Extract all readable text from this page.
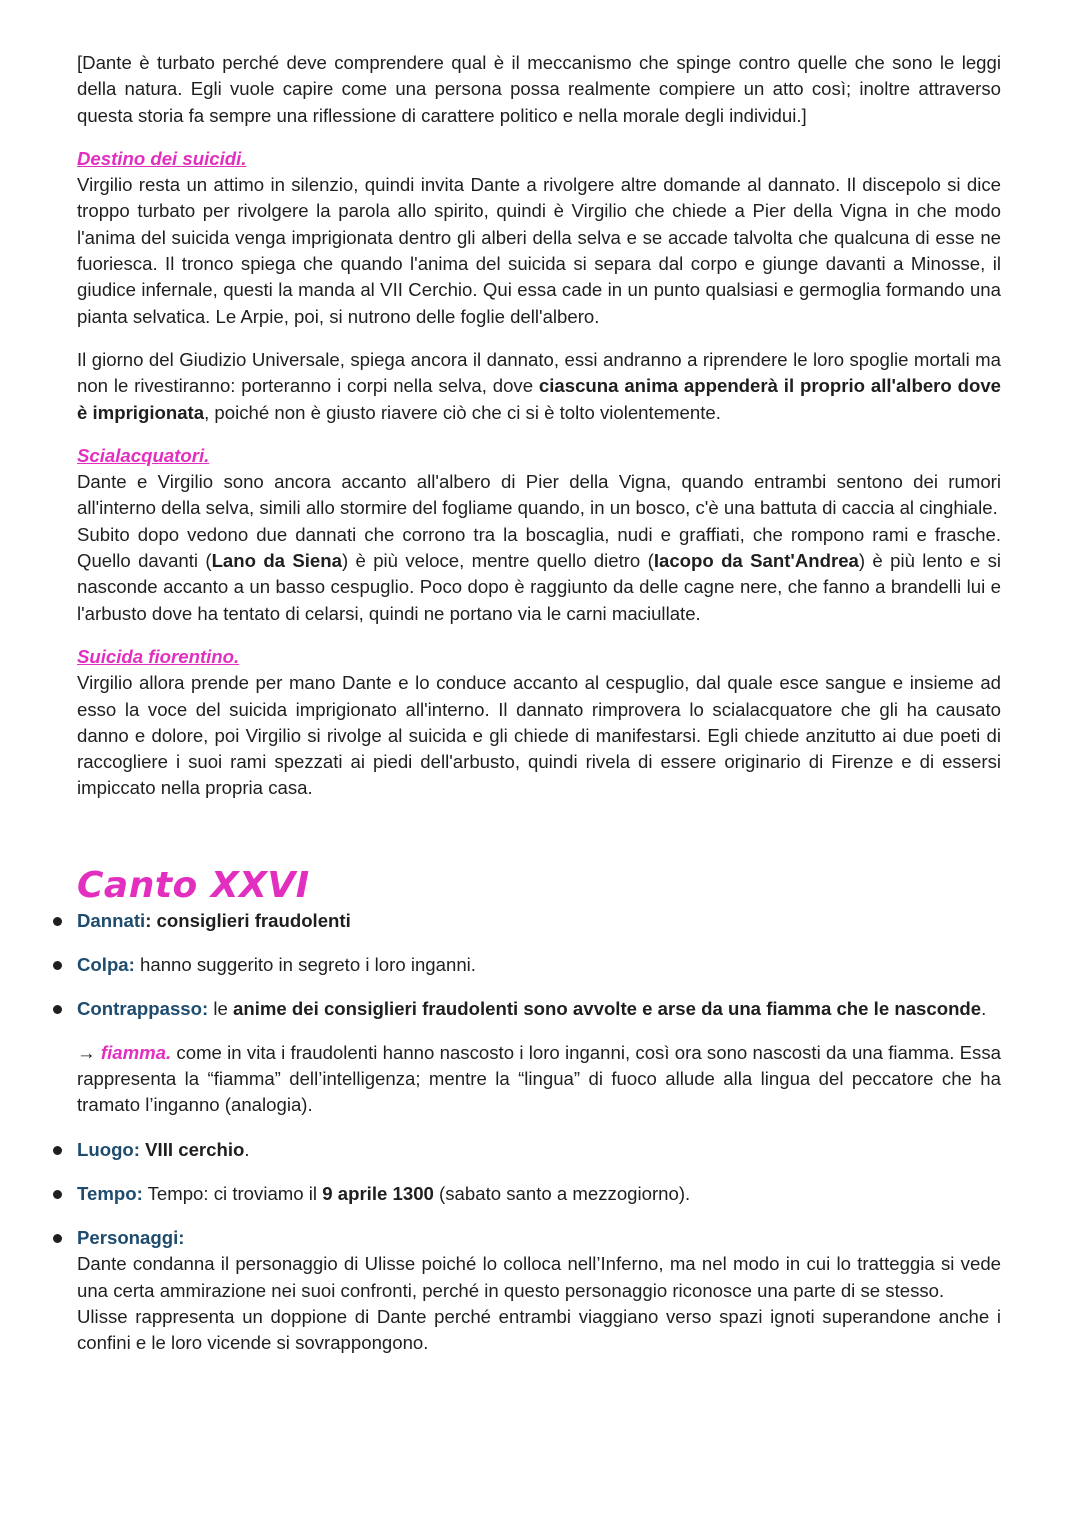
[Dante è turbato perché deve comprendere qual è il meccanismo che spinge contro quelle che sono le leggi della natura. Egli vuole capire come una persona possa realmente compiere un atto così; inoltre attraverso questa storia fa sempre una riflessione di carattere politico e nella morale degli individui.]

Destino dei suicidi.

Virgilio resta un attimo in silenzio, quindi invita Dante a rivolgere altre domande al dannato. Il discepolo si dice troppo turbato per rivolgere la parola allo spirito, quindi è Virgilio che chiede a Pier della Vigna in che modo l'anima del suicida venga imprigionata dentro gli alberi della selva e se accade talvolta che qualcuna di esse ne fuoriesca. Il tronco spiega che quando l'anima del suicida si separa dal corpo e giunge davanti a Minosse, il giudice infernale, questi la manda al VII Cerchio. Qui essa cade in un punto qualsiasi e germoglia formando una pianta selvatica. Le Arpie, poi, si nutrono delle foglie dell'albero.

Il giorno del Giudizio Universale, spiega ancora il dannato, essi andranno a riprendere le loro spoglie mortali ma non le rivestiranno: porteranno i corpi nella selva, dove ciascuna anima appenderà il proprio all'albero dove è imprigionata, poiché non è giusto riavere ciò che ci si è tolto violentemente.

Scialacquatori.

Dante e Virgilio sono ancora accanto all'albero di Pier della Vigna, quando entrambi sentono dei rumori all'interno della selva, simili allo stormire del fogliame quando, in un bosco, c'è una battuta di caccia al cinghiale.

Subito dopo vedono due dannati che corrono tra la boscaglia, nudi e graffiati, che rompono rami e frasche. Quello davanti (Lano da Siena) è più veloce, mentre quello dietro (Iacopo da Sant'Andrea) è più lento e si nasconde accanto a un basso cespuglio. Poco dopo è raggiunto da delle cagne nere, che fanno a brandelli lui e l'arbusto dove ha tentato di celarsi, quindi ne portano via le carni maciullate.

Suicida fiorentino.

Virgilio allora prende per mano Dante e lo conduce accanto al cespuglio, dal quale esce sangue e insieme ad esso la voce del suicida imprigionato all'interno. Il dannato rimprovera lo scialacquatore che gli ha causato danno e dolore, poi Virgilio si rivolge al suicida e gli chiede di manifestarsi. Egli chiede anzitutto ai due poeti di raccogliere i suoi rami spezzati ai piedi dell'arbusto, quindi rivela di essere originario di Firenze e di essersi impiccato nella propria casa.

Canto XXVI
Dannati: consiglieri fraudolenti
Colpa: hanno suggerito in segreto i loro inganni.
Contrappasso: le anime dei consiglieri fraudolenti sono avvolte e arse da una fiamma che le nasconde.

→ fiamma. come in vita i fraudolenti hanno nascosto i loro inganni, così ora sono nascosti da una fiamma. Essa rappresenta la “fiamma” dell’intelligenza; mentre la “lingua” di fuoco allude alla lingua del peccatore che ha tramato l’inganno (analogia).

Luogo: VIII cerchio.
Tempo: Tempo: ci troviamo il 9 aprile 1300 (sabato santo a mezzogiorno).
Personaggi:

Dante condanna il personaggio di Ulisse poiché lo colloca nell’Inferno, ma nel modo in cui lo tratteggia si vede una certa ammirazione nei suoi confronti, perché in questo personaggio riconosce una parte di se stesso.

Ulisse rappresenta un doppione di Dante perché entrambi viaggiano verso spazi ignoti superandone anche i confini e le loro vicende si sovrappongono.
